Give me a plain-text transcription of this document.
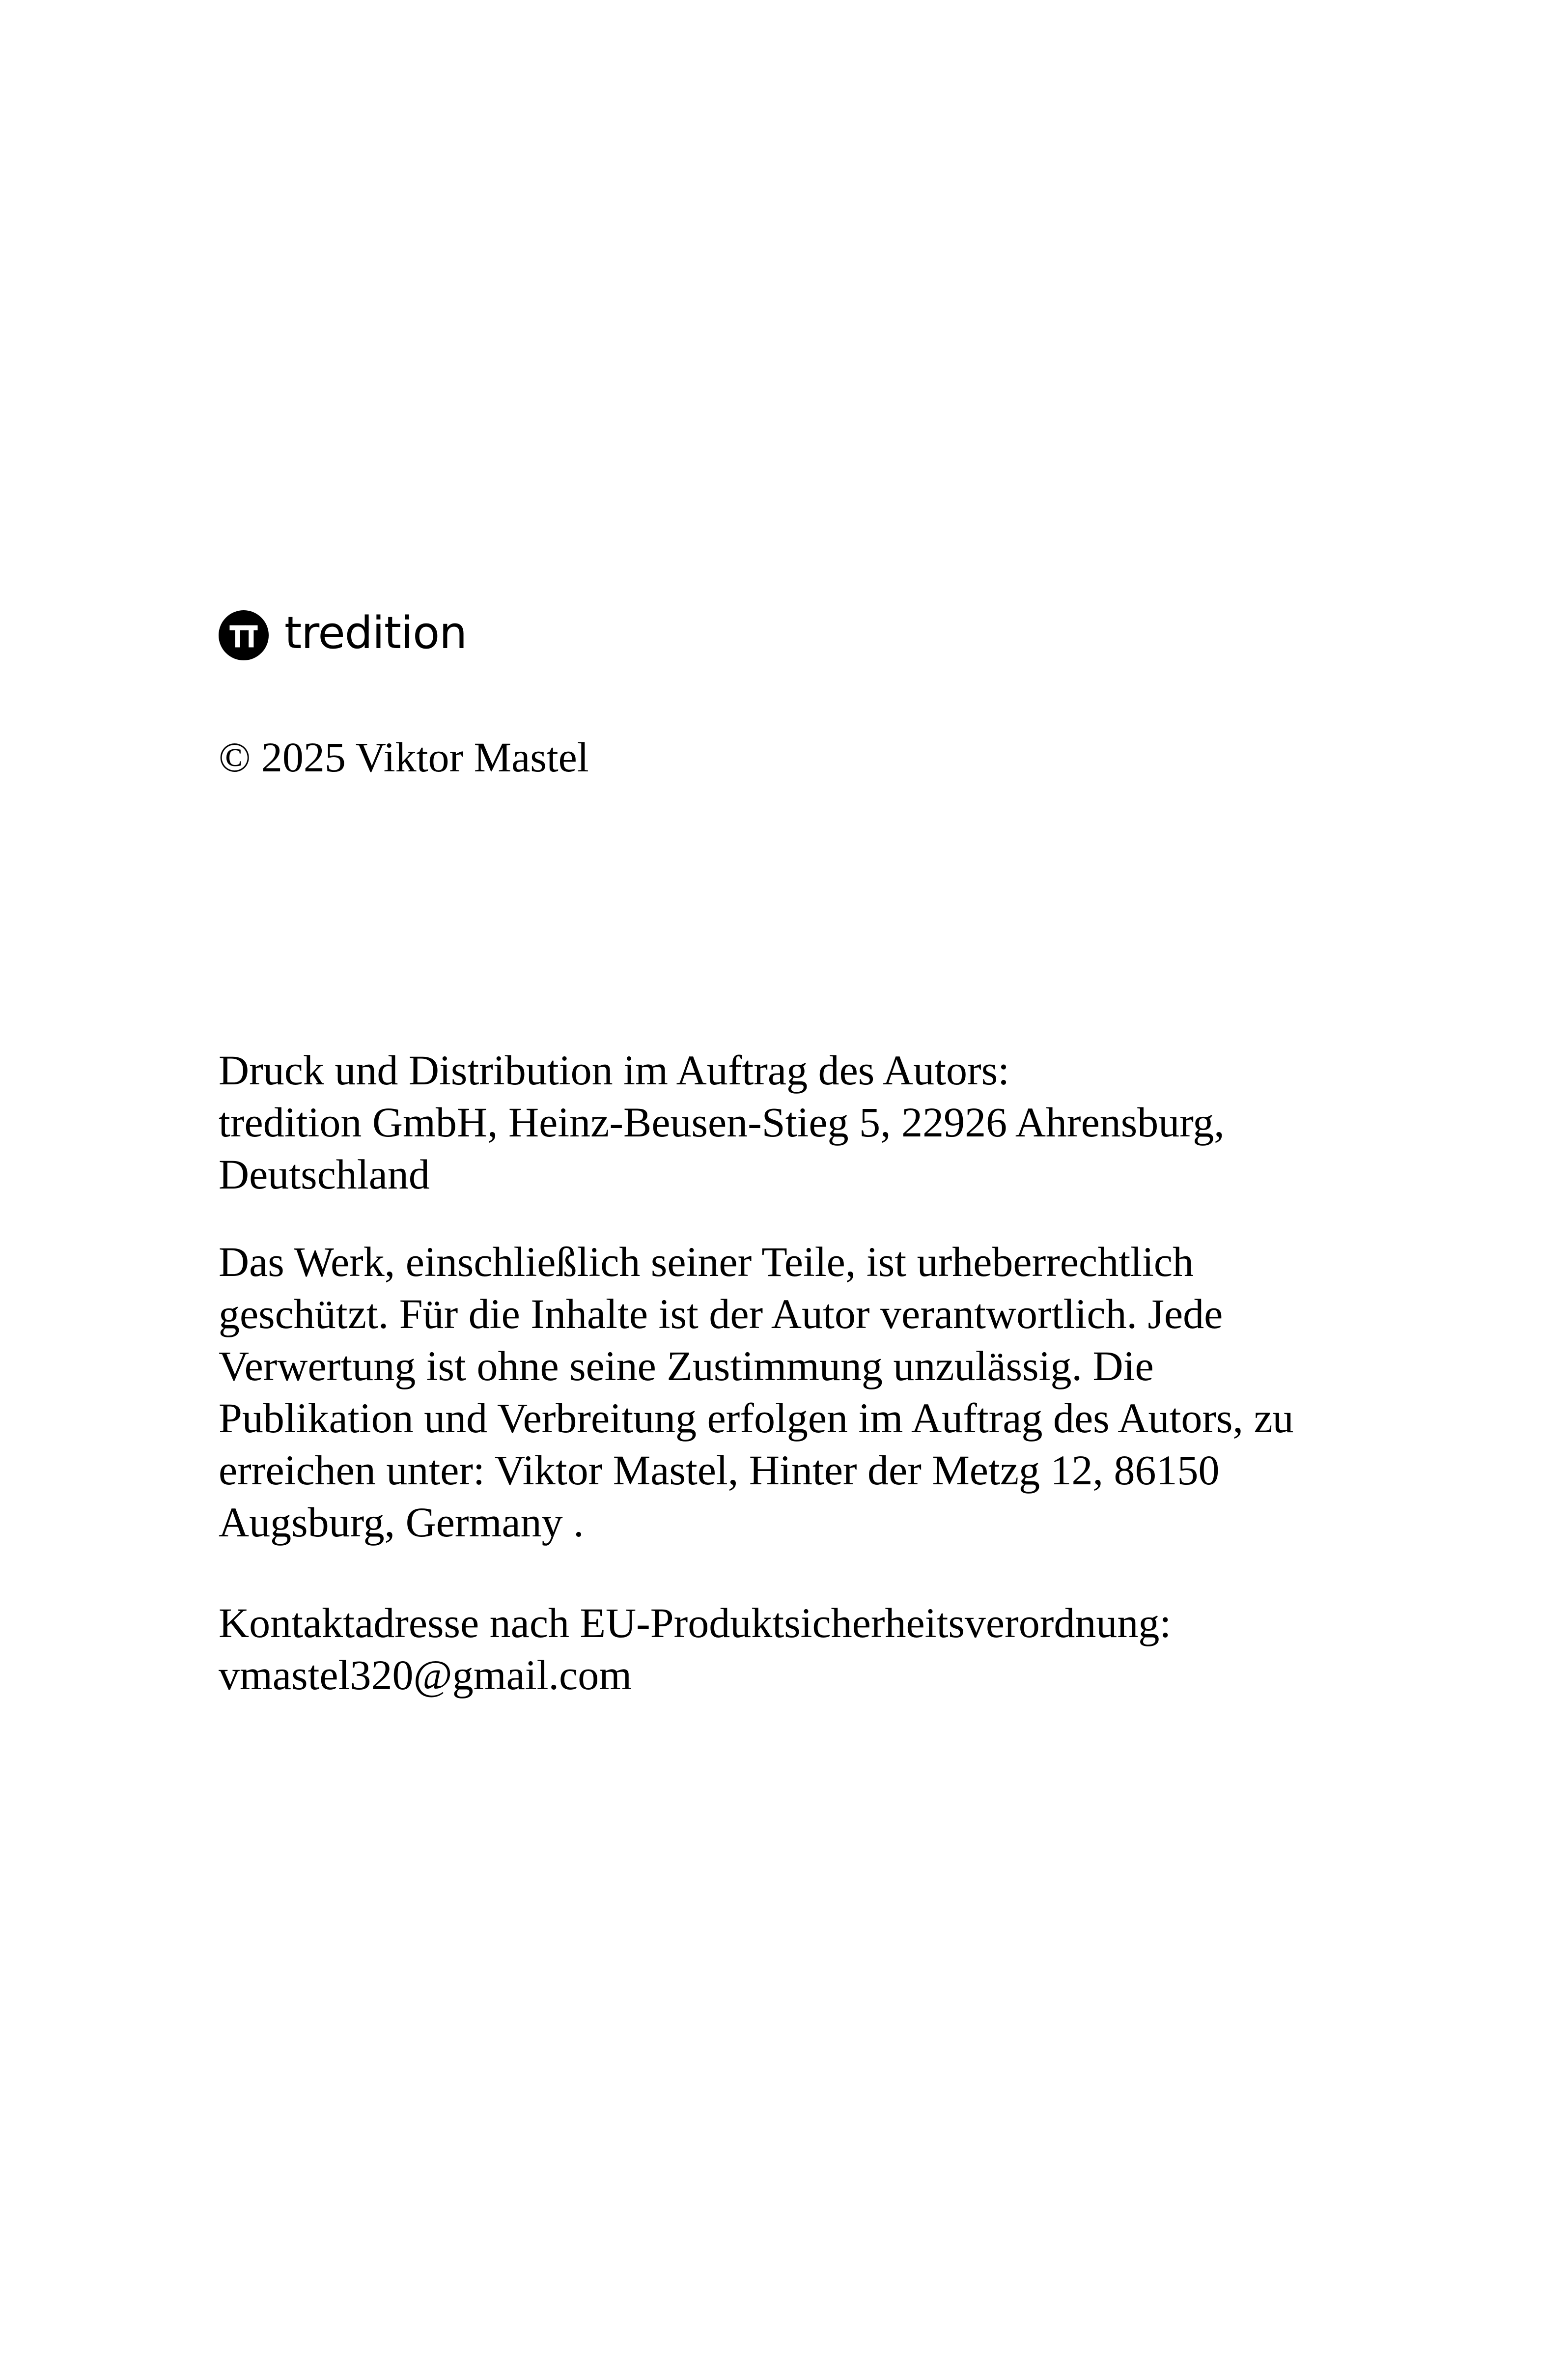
tredition

© 2025 Viktor Mastel

Druck und Distribution im Auftrag des Autors:
tredition GmbH, Heinz-Beusen-Stieg 5, 22926 Ahrensburg,
Deutschland

Das Werk, einschließlich seiner Teile, ist urheberrechtlich
geschützt. Für die Inhalte ist der Autor verantwortlich. Jede
Verwertung ist ohne seine Zustimmung unzulässig. Die
Publikation und Verbreitung erfolgen im Auftrag des Autors, zu
erreichen unter: Viktor Mastel, Hinter der Metzg 12, 86150
Augsburg, Germany .

Kontaktadresse nach EU-Produktsicherheitsverordnung:
vmastel320@gmail.com
